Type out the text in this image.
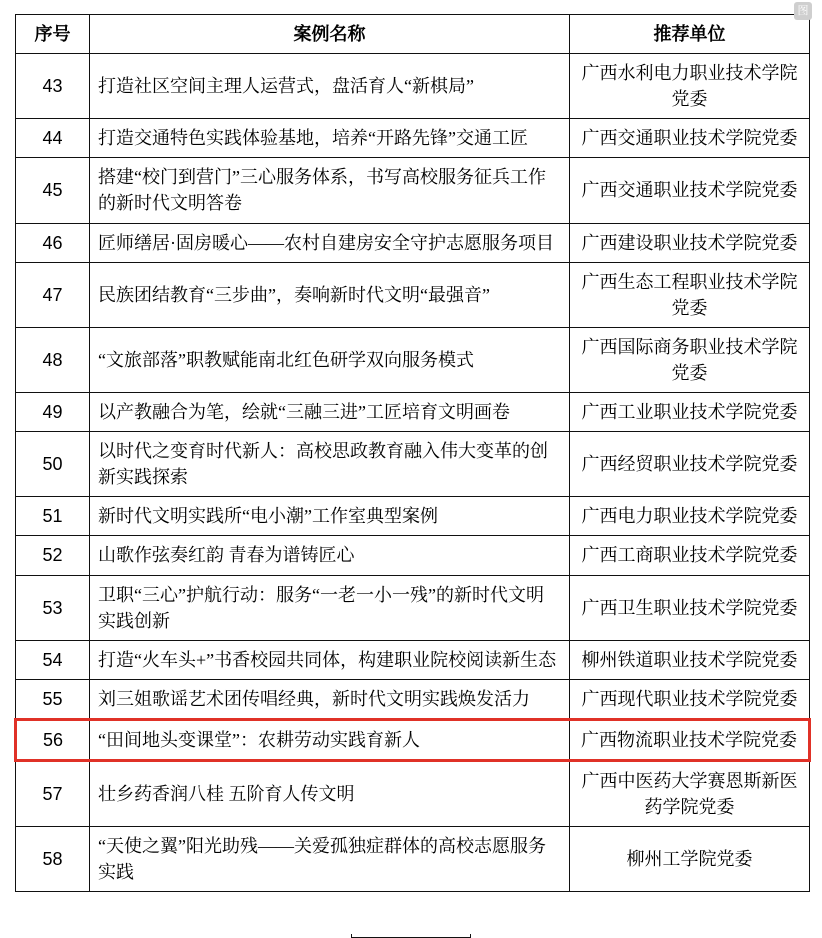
图
序号	案例名称	推荐单位
43	打造社区空间主理人运营式，盘活育人“新棋局”	广西水利电力职业技术学院党委
44	打造交通特色实践体验基地，培养“开路先锋”交通工匠	广西交通职业技术学院党委
45	搭建“校门到营门”三心服务体系，书写高校服务征兵工作的新时代文明答卷	广西交通职业技术学院党委
46	匠师缮居·固房暖心——农村自建房安全守护志愿服务项目	广西建设职业技术学院党委
47	民族团结教育“三步曲”，奏响新时代文明“最强音”	广西生态工程职业技术学院党委
48	“文旅部落”职教赋能南北红色研学双向服务模式	广西国际商务职业技术学院党委
49	以产教融合为笔，绘就“三融三进”工匠培育文明画卷	广西工业职业技术学院党委
50	以时代之变育时代新人：高校思政教育融入伟大变革的创新实践探索	广西经贸职业技术学院党委
51	新时代文明实践所“电小潮”工作室典型案例	广西电力职业技术学院党委
52	山歌作弦奏红韵 青春为谱铸匠心	广西工商职业技术学院党委
53	卫职“三心”护航行动：服务“一老一小一残”的新时代文明实践创新	广西卫生职业技术学院党委
54	打造“火车头+”书香校园共同体，构建职业院校阅读新生态	柳州铁道职业技术学院党委
55	刘三姐歌谣艺术团传唱经典，新时代文明实践焕发活力	广西现代职业技术学院党委
56	“田间地头变课堂”：农耕劳动实践育新人	广西物流职业技术学院党委
57	壮乡药香润八桂 五阶育人传文明	广西中医药大学赛恩斯新医药学院党委
58	“天使之翼”阳光助残——关爱孤独症群体的高校志愿服务实践	柳州工学院党委
